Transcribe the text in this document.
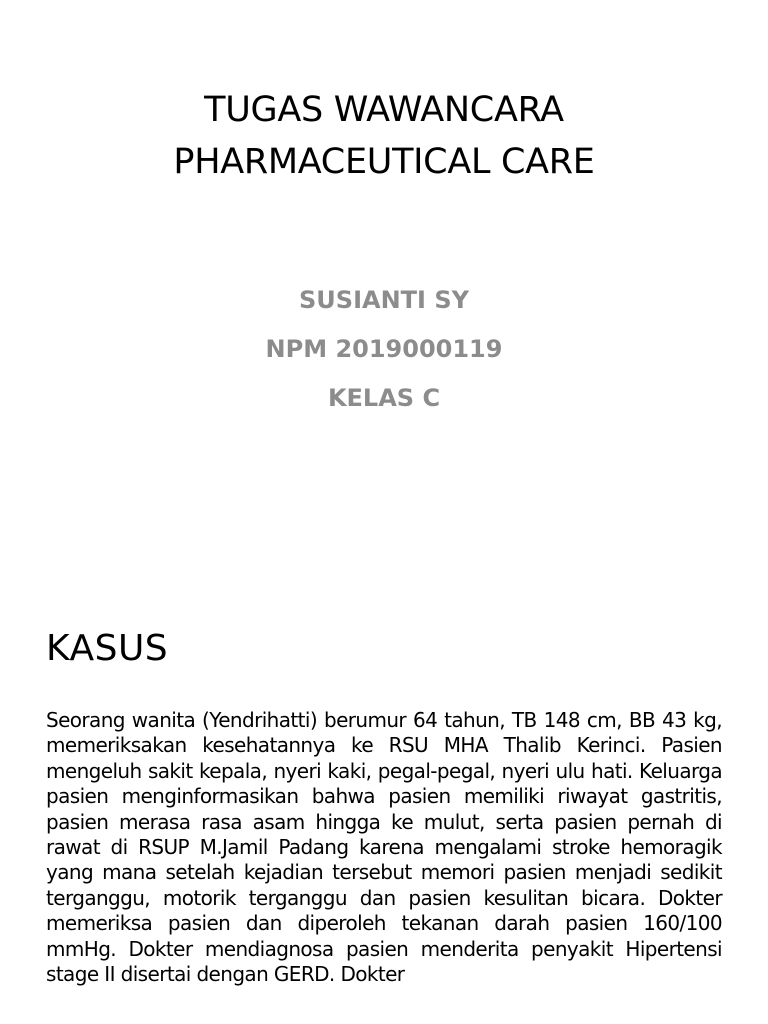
TUGAS WAWANCARA
PHARMACEUTICAL CARE
SUSIANTI SY
NPM 2019000119
KELAS C
KASUS
Seorang wanita (Yendrihatti) berumur 64 tahun, TB 148 cm, BB 43 kg, memeriksakan kesehatannya ke RSU MHA Thalib Kerinci. Pasien mengeluh sakit kepala, nyeri kaki, pegal-pegal, nyeri ulu hati. Keluarga pasien menginformasikan bahwa pasien memiliki riwayat gastritis, pasien merasa rasa asam hingga ke mulut, serta pasien pernah di rawat di RSUP M.Jamil Padang karena mengalami stroke hemoragik yang mana setelah kejadian tersebut memori pasien menjadi sedikit terganggu, motorik terganggu dan pasien kesulitan bicara. Dokter memeriksa pasien dan diperoleh tekanan darah pasien 160/100 mmHg. Dokter mendiagnosa pasien menderita penyakit Hipertensi stage II disertai dengan GERD. Dokter
